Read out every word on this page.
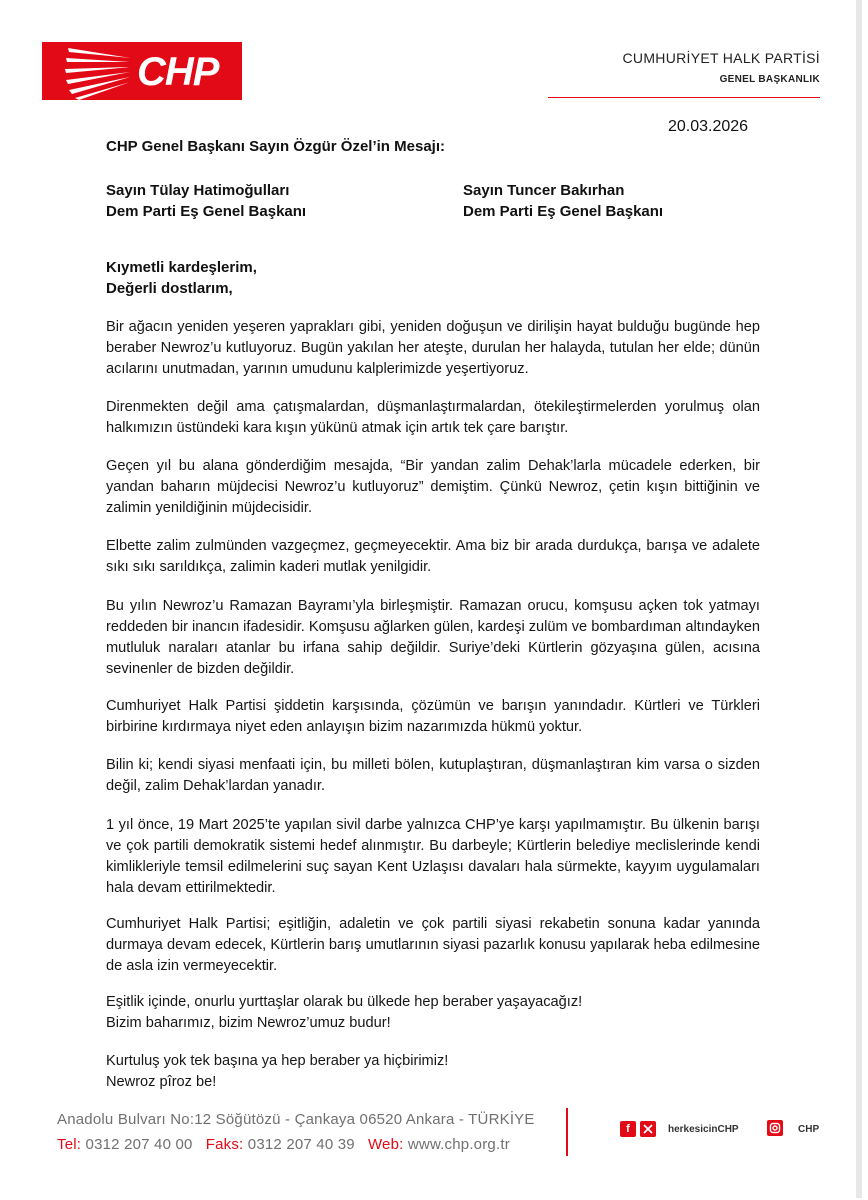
CHP	CUMHURİYET HALK PARTİSİ
GENEL BAŞKANLIK
20.03.2026
CHP Genel Başkanı Sayın Özgür Özel’in Mesajı:
Sayın Tülay Hatimoğulları
Dem Parti Eş Genel Başkanı
Sayın Tuncer Bakırhan
Dem Parti Eş Genel Başkanı
Kıymetli kardeşlerim,
Değerli dostlarım,
Bir ağacın yeniden yeşeren yaprakları gibi, yeniden doğuşun ve dirilişin hayat bulduğu bugünde hep beraber Newroz’u kutluyoruz. Bugün yakılan her ateşte, durulan her halayda, tutulan her elde; dünün acılarını unutmadan, yarının umudunu kalplerimizde yeşertiyoruz.
Direnmekten değil ama çatışmalardan, düşmanlaştırmalardan, ötekileştirmelerden yorulmuş olan halkımızın üstündeki kara kışın yükünü atmak için artık tek çare barıştır.
Geçen yıl bu alana gönderdiğim mesajda, “Bir yandan zalim Dehak’larla mücadele ederken, bir yandan baharın müjdecisi Newroz’u kutluyoruz” demiştim. Çünkü Newroz, çetin kışın bittiğinin ve zalimin yenildiğinin müjdecisidir.
Elbette zalim zulmünden vazgeçmez, geçmeyecektir. Ama biz bir arada durdukça, barışa ve adalete sıkı sıkı sarıldıkça, zalimin kaderi mutlak yenilgidir.
Bu yılın Newroz’u Ramazan Bayramı’yla birleşmiştir. Ramazan orucu, komşusu açken tok yatmayı reddeden bir inancın ifadesidir. Komşusu ağlarken gülen, kardeşi zulüm ve bombardıman altındayken mutluluk naraları atanlar bu irfana sahip değildir. Suriye’deki Kürtlerin gözyaşına gülen, acısına sevinenler de bizden değildir.
Cumhuriyet Halk Partisi şiddetin karşısında, çözümün ve barışın yanındadır. Kürtleri ve Türkleri birbirine kırdırmaya niyet eden anlayışın bizim nazarımızda hükmü yoktur.
Bilin ki; kendi siyasi menfaati için, bu milleti bölen, kutuplaştıran, düşmanlaştıran kim varsa o sizden değil, zalim Dehak’lardan yanadır.
1 yıl önce, 19 Mart 2025’te yapılan sivil darbe yalnızca CHP’ye karşı yapılmamıştır. Bu ülkenin barışı ve çok partili demokratik sistemi hedef alınmıştır. Bu darbeyle; Kürtlerin belediye meclislerinde kendi kimlikleriyle temsil edilmelerini suç sayan Kent Uzlaşısı davaları hala sürmekte, kayyım uygulamaları hala devam ettirilmektedir.
Cumhuriyet Halk Partisi; eşitliğin, adaletin ve çok partili siyasi rekabetin sonuna kadar yanında durmaya devam edecek, Kürtlerin barış umutlarının siyasi pazarlık konusu yapılarak heba edilmesine de asla izin vermeyecektir.
Eşitlik içinde, onurlu yurttaşlar olarak bu ülkede hep beraber yaşayacağız!
Bizim baharımız, bizim Newroz’umuz budur!
Kurtuluş yok tek başına ya hep beraber ya hiçbirimiz!
Newroz pîroz be!
Anadolu Bulvarı No:12 Söğütözü - Çankaya 06520 Ankara - TÜRKİYE
Tel: 0312 207 40 00 Faks: 0312 207 40 39 Web: www.chp.org.tr
f	herkesicinCHP	CHP
